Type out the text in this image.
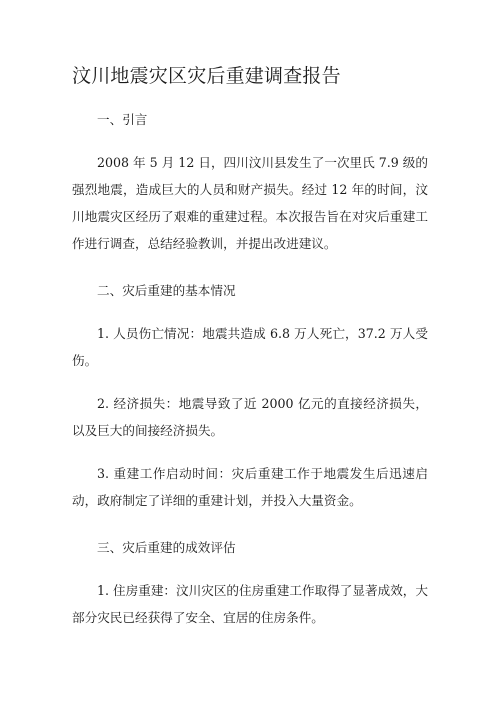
汶川地震灾区灾后重建调查报告

一、引言

2008 年 5 月 12 日，四川汶川县发生了一次里氏 7.9 级的强烈地震，造成巨大的人员和财产损失。经过 12 年的时间，汶川地震灾区经历了艰难的重建过程。本次报告旨在对灾后重建工作进行调查，总结经验教训，并提出改进建议。

二、灾后重建的基本情况

1. 人员伤亡情况：地震共造成 6.8 万人死亡，37.2 万人受伤。

2. 经济损失：地震导致了近 2000 亿元的直接经济损失，以及巨大的间接经济损失。

3. 重建工作启动时间：灾后重建工作于地震发生后迅速启动，政府制定了详细的重建计划，并投入大量资金。

三、灾后重建的成效评估

1. 住房重建：汶川灾区的住房重建工作取得了显著成效，大部分灾民已经获得了安全、宜居的住房条件。
